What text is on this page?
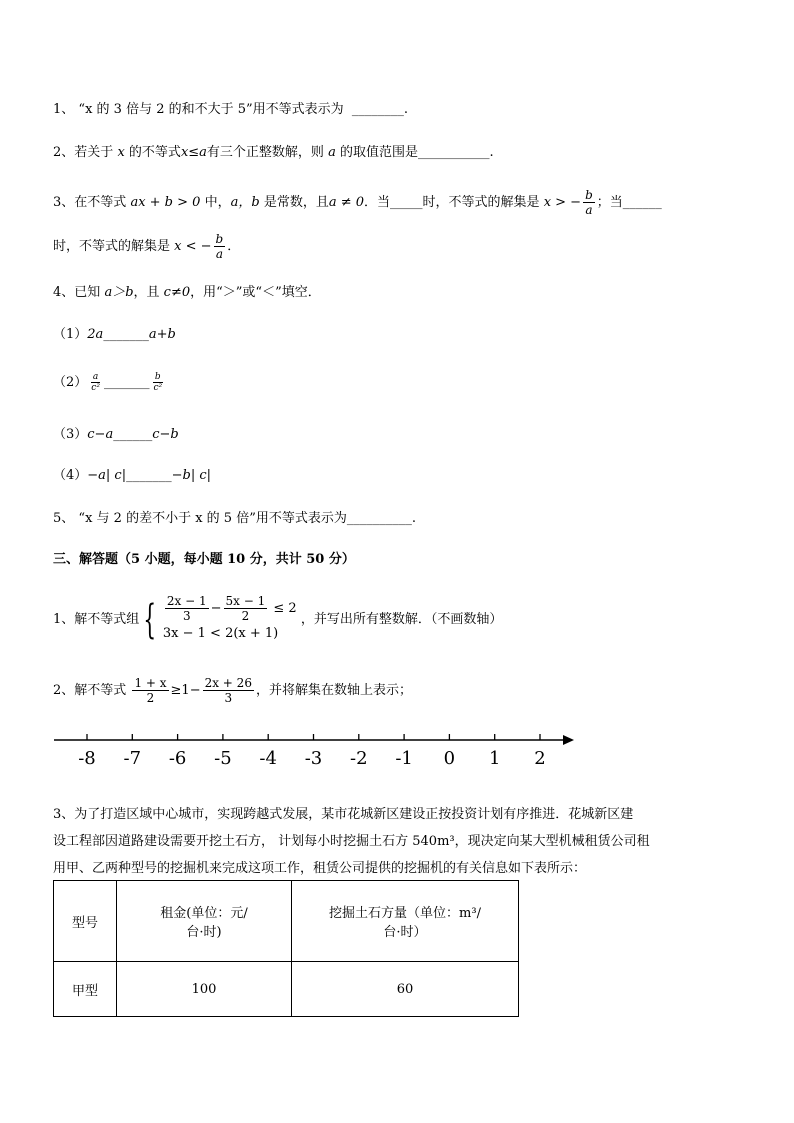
1、 “x 的 3 倍与 2 的和不大于 5”用不等式表示为 ________.
2、若关于 x 的不等式x≤a有三个正整数解，则 a 的取值范围是___________.
3、在不等式 ax + b > 0 中，a，b 是常数，且a ≠ 0．当_____时，不等式的解集是 x > − $\frac{b}{a}$ ；当______
时，不等式的解集是 x < − $\frac{b}{a}$ ．
4、已知 a＞b，且 c≠0，用“＞”或“＜”填空．
（1）2a_______a+b
$(2) \frac{a}{\text{c²}}$ _______ $\frac{b}{\text{c²}}$
（3）c−a______c−b
（4）−a| c|_______−b| c|
5、 “x 与 2 的差不小于 x 的 5 倍”用不等式表示为__________.
三、解答题（5 小题，每小题 10 分，共计 50 分）
1、解不等式组 { $\frac{2x - 1}{3} - \frac{5x - 1}{2} \le 2$
3x − 1 < 2(x + 1)
，并写出所有整数解．（不画数轴）
2、解不等式 $\frac{1 + x}{2} \ge 1- \frac{2x + 26}{3}$ ，并将解集在数轴上表示；
-8 -7 -6 -5 -4 -3 -2 -1 0 1 2
3、为了打造区域中心城市，实现跨越式发展，某市花城新区建设正按投资计划有序推进．花城新区建
设工程部因道路建设需要开挖土石方， 计划每小时挖掘土石方 540m³，现决定向某大型机械租赁公司租
用甲、乙两种型号的挖掘机来完成这项工作，租赁公司提供的挖掘机的有关信息如下表所示：
型号	租金(单位：元/
台·时)	挖掘土石方量（单位：m³/
台·时）
甲型	100	60
